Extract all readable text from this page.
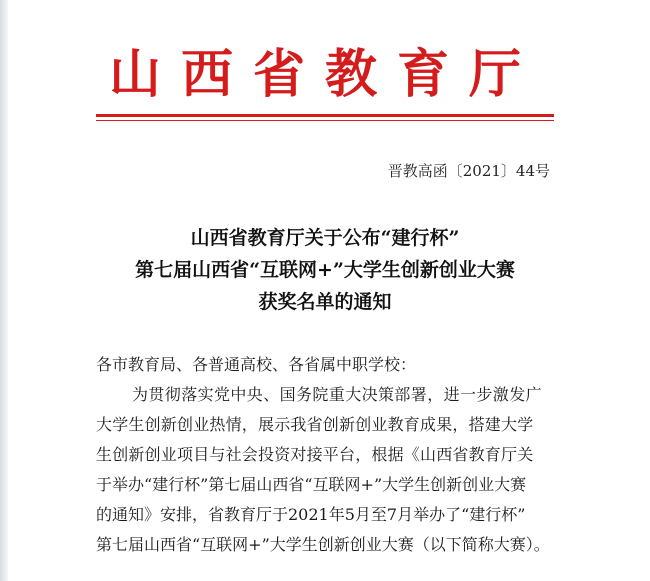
山西省教育厅

晋教高函〔2021〕44号

山西省教育厅关于公布“建行杯”
第七届山西省“互联网+”大学生创新创业大赛
获奖名单的通知
各市教育局、各普通高校、各省属中职学校：
为贯彻落实党中央、国务院重大决策部署，进一步激发广
大学生创新创业热情，展示我省创新创业教育成果，搭建大学
生创新创业项目与社会投资对接平台，根据《山西省教育厅关
于举办“建行杯”第七届山西省“互联网+”大学生创新创业大赛
的通知》安排，省教育厅于2021年5月至7月举办了“建行杯”
第七届山西省“互联网+”大学生创新创业大赛（以下简称大赛）。
